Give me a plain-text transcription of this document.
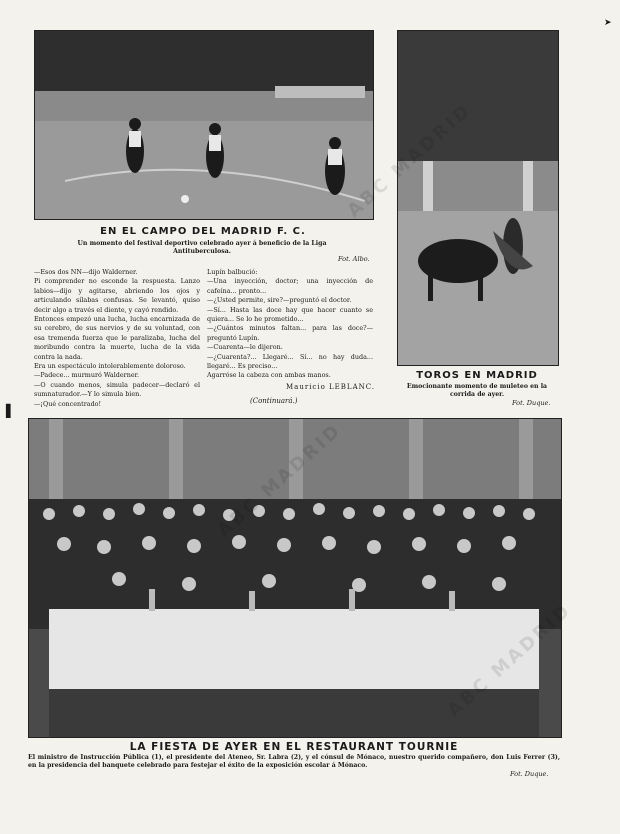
➤
▌
EN EL CAMPO DEL MADRID F. C.
Un momento del festival deportivo celebrado ayer á beneficio de la Liga Antituberculosa.
Fot. Albo.
TOROS EN MADRID
Emocionante momento de muleteo en la corrida de ayer.
Fot. Duque.

—Esos dos NN—dijo Walderner.

Pi comprender no esconde la respuesta. Lanzo labios—dijo y agitarse, abriendo los ojos y articulando sílabas confusas. Se levantó, quiso decir algo a través el diente, y cayó rendido.

Entonces empezó una lucha, lucha encarnizada de su cerebro, de sus nervios y de su voluntad, con esa tremenda fuerza que le paralizaba, lucha del moribundo contra la muerte, lucha de la vida contra la nada.

Era un espectáculo intolerablemente doloroso.

—Padece... murmuró Walderner.

—O cuando menos, simula padecer—declaró el sumnaturador.—Y lo simula bien.

—¡Qué concentrado!

Lupín balbució:

—Una inyección, doctor; una inyección de cafeína... pronto...

—¿Usted permite, sire?—preguntó el doctor.

—Sí... Hasta las doce hay que hacer cuanto se quiera... Se lo he prometido...

—¿Cuántos minutos faltan... para las doce?—preguntó Lupín.

—Cuarenta—le dijeron.

—¿Cuarenta?... Llegaré... Sí... no hay duda... llegaré... Es preciso...

Agarróse la cabeza con ambas manos.

Mauricio LEBLANC.
(Continuará.)
LA FIESTA DE AYER EN EL RESTAURANT TOURNIE
El ministro de Instrucción Pública (1), el presidente del Ateneo, Sr. Labra (2), y el cónsul de Mónaco, nuestro querido compañero, don Luis Ferrer (3), en la presidencia del banquete celebrado para festejar el éxito de la exposición escolar á Mónaco.
Fot. Duque.
